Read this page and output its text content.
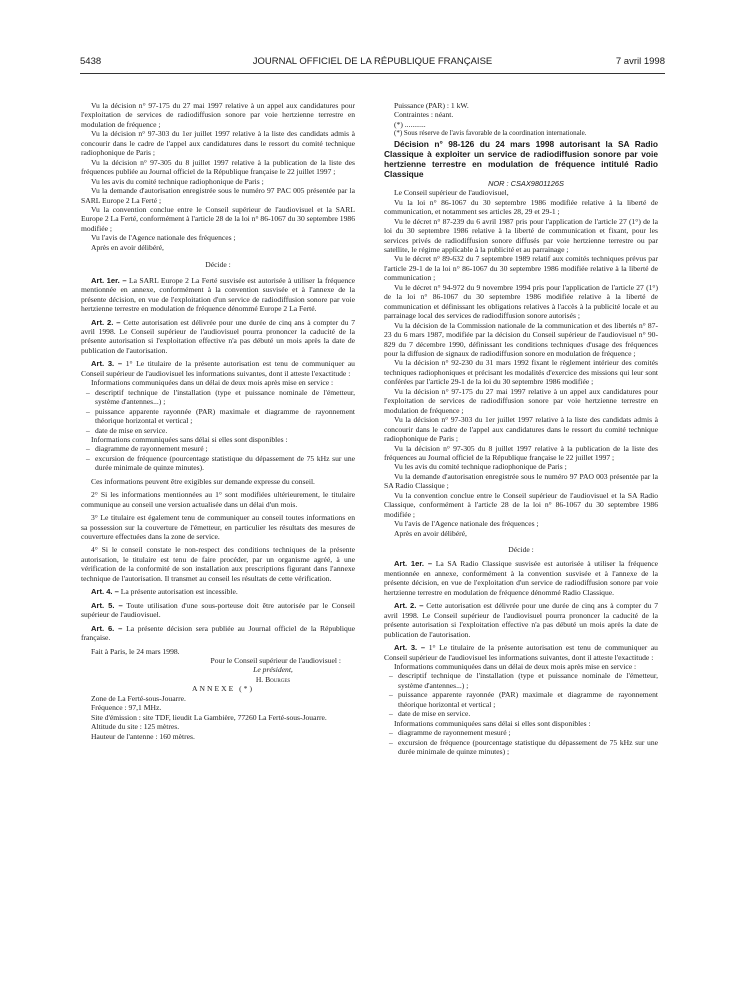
5438	JOURNAL OFFICIEL DE LA RÉPUBLIQUE FRANÇAISE	7 avril 1998

Vu la décision n° 97-175 du 27 mai 1997 relative à un appel aux candidatures pour l'exploitation de services de radiodiffusion sonore par voie hertzienne terrestre en modulation de fréquence ;

Vu la décision n° 97-303 du 1er juillet 1997 relative à la liste des candidats admis à concourir dans le cadre de l'appel aux candidatures dans le ressort du comité technique radiophonique de Paris ;

Vu la décision n° 97-305 du 8 juillet 1997 relative à la publication de la liste des fréquences publiée au Journal officiel de la République française le 22 juillet 1997 ;

Vu les avis du comité technique radiophonique de Paris ;

Vu la demande d'autorisation enregistrée sous le numéro 97 PAC 005 présentée par la SARL Europe 2 La Ferté ;

Vu la convention conclue entre le Conseil supérieur de l'audiovisuel et la SARL Europe 2 La Ferté, conformément à l'article 28 de la loi n° 86-1067 du 30 septembre 1986 modifiée ;

Vu l'avis de l'Agence nationale des fréquences ;

Après en avoir délibéré,

Décide :

Art. 1er. – La SARL Europe 2 La Ferté susvisée est autorisée à utiliser la fréquence mentionnée en annexe, conformément à la convention susvisée et à l'annexe de la présente décision, en vue de l'exploitation d'un service de radiodiffusion sonore par voie hertzienne terrestre en modulation de fréquence dénommé Europe 2 La Ferté.

Art. 2. – Cette autorisation est délivrée pour une durée de cinq ans à compter du 7 avril 1998. Le Conseil supérieur de l'audiovisuel pourra prononcer la caducité de la présente autorisation si l'exploitation effective n'a pas débuté un mois après la date de publication de l'autorisation.

Art. 3. – 1° Le titulaire de la présente autorisation est tenu de communiquer au Conseil supérieur de l'audiovisuel les informations suivantes, dont il atteste l'exactitude :

Informations communiquées dans un délai de deux mois après mise en service :

– descriptif technique de l'installation (type et puissance nominale de l'émetteur, système d'antennes...) ;

– puissance apparente rayonnée (PAR) maximale et diagramme de rayonnement théorique horizontal et vertical ;

– date de mise en service.

Informations communiquées sans délai si elles sont disponibles :

– diagramme de rayonnement mesuré ;

– excursion de fréquence (pourcentage statistique du dépassement de 75 kHz sur une durée minimale de quinze minutes).

Ces informations peuvent être exigibles sur demande expresse du conseil.

2° Si les informations mentionnées au 1° sont modifiées ultérieurement, le titulaire communique au conseil une version actualisée dans un délai d'un mois.

3° Le titulaire est également tenu de communiquer au conseil toutes informations en sa possession sur la couverture de l'émetteur, en particulier les résultats des mesures de couverture effectuées dans la zone de service.

4° Si le conseil constate le non-respect des conditions techniques de la présente autorisation, le titulaire est tenu de faire procéder, par un organisme agréé, à une vérification de la conformité de son installation aux prescriptions figurant dans l'annexe technique de l'autorisation. Il transmet au conseil les résultats de cette vérification.

Art. 4. – La présente autorisation est incessible.

Art. 5. – Toute utilisation d'une sous-porteuse doit être autorisée par le Conseil supérieur de l'audiovisuel.

Art. 6. – La présente décision sera publiée au Journal officiel de la République française.

Fait à Paris, le 24 mars 1998.

Pour le Conseil supérieur de l'audiovisuel :

Le président,

H. Bourges

ANNEXE (*)

Zone de La Ferté-sous-Jouarre.

Fréquence : 97,1 MHz.

Site d'émission : site TDF, lieudit La Gambière, 77260 La Ferté-sous-Jouarre.

Altitude du site : 125 mètres.

Hauteur de l'antenne : 160 mètres.

Puissance (PAR) : 1 kW.

Contraintes : néant.

(*) ...........

(*) Sous réserve de l'avis favorable de la coordination internationale.

Décision n° 98-126 du 24 mars 1998 autorisant la SA Radio Classique à exploiter un service de radiodiffusion sonore par voie hertzienne terrestre en modulation de fréquence intitulé Radio Classique

NOR : CSAX9801126S

Le Conseil supérieur de l'audiovisuel,

Vu la loi n° 86-1067 du 30 septembre 1986 modifiée relative à la liberté de communication, et notamment ses articles 28, 29 et 29-1 ;

Vu le décret n° 87-239 du 6 avril 1987 pris pour l'application de l'article 27 (1°) de la loi du 30 septembre 1986 relative à la liberté de communication et fixant, pour les services privés de radiodiffusion sonore diffusés par voie hertzienne terrestre ou par satellite, le régime applicable à la publicité et au parrainage ;

Vu le décret n° 89-632 du 7 septembre 1989 relatif aux comités techniques prévus par l'article 29-1 de la loi n° 86-1067 du 30 septembre 1986 modifiée relative à la liberté de communication ;

Vu le décret n° 94-972 du 9 novembre 1994 pris pour l'application de l'article 27 (1°) de la loi n° 86-1067 du 30 septembre 1986 modifiée relative à la liberté de communication et définissant les obligations relatives à l'accès à la publicité locale et au parrainage local des services de radiodiffusion sonore autorisés ;

Vu la décision de la Commission nationale de la communication et des libertés n° 87-23 du 6 mars 1987, modifiée par la décision du Conseil supérieur de l'audiovisuel n° 90-829 du 7 décembre 1990, définissant les conditions techniques d'usage des fréquences pour la diffusion de signaux de radiodiffusion sonore en modulation de fréquence ;

Vu la décision n° 92-230 du 31 mars 1992 fixant le règlement intérieur des comités techniques radiophoniques et précisant les modalités d'exercice des missions qui leur sont conférées par l'article 29-1 de la loi du 30 septembre 1986 modifiée ;

Vu la décision n° 97-175 du 27 mai 1997 relative à un appel aux candidatures pour l'exploitation de services de radiodiffusion sonore par voie hertzienne terrestre en modulation de fréquence ;

Vu la décision n° 97-303 du 1er juillet 1997 relative à la liste des candidats admis à concourir dans le cadre de l'appel aux candidatures dans le ressort du comité technique radiophonique de Paris ;

Vu la décision n° 97-305 du 8 juillet 1997 relative à la publication de la liste des fréquences au Journal officiel de la République française le 22 juillet 1997 ;

Vu les avis du comité technique radiophonique de Paris ;

Vu la demande d'autorisation enregistrée sous le numéro 97 PAO 003 présentée par la SA Radio Classique ;

Vu la convention conclue entre le Conseil supérieur de l'audiovisuel et la SA Radio Classique, conformément à l'article 28 de la loi n° 86-1067 du 30 septembre 1986 modifiée ;

Vu l'avis de l'Agence nationale des fréquences ;

Après en avoir délibéré,

Décide :

Art. 1er. – La SA Radio Classique susvisée est autorisée à utiliser la fréquence mentionnée en annexe, conformément à la convention susvisée et à l'annexe de la présente décision, en vue de l'exploitation d'un service de radiodiffusion sonore par voie hertzienne terrestre en modulation de fréquence dénommé Radio Classique.

Art. 2. – Cette autorisation est délivrée pour une durée de cinq ans à compter du 7 avril 1998. Le Conseil supérieur de l'audiovisuel pourra prononcer la caducité de la présente autorisation si l'exploitation effective n'a pas débuté un mois après la date de publication de l'autorisation.

Art. 3. – 1° Le titulaire de la présente autorisation est tenu de communiquer au Conseil supérieur de l'audiovisuel les informations suivantes, dont il atteste l'exactitude :

Informations communiquées dans un délai de deux mois après mise en service :

– descriptif technique de l'installation (type et puissance nominale de l'émetteur, système d'antennes...) ;

– puissance apparente rayonnée (PAR) maximale et diagramme de rayonnement théorique horizontal et vertical ;

– date de mise en service.

Informations communiquées sans délai si elles sont disponibles :

– diagramme de rayonnement mesuré ;

– excursion de fréquence (pourcentage statistique du dépassement de 75 kHz sur une durée minimale de quinze minutes) ;
